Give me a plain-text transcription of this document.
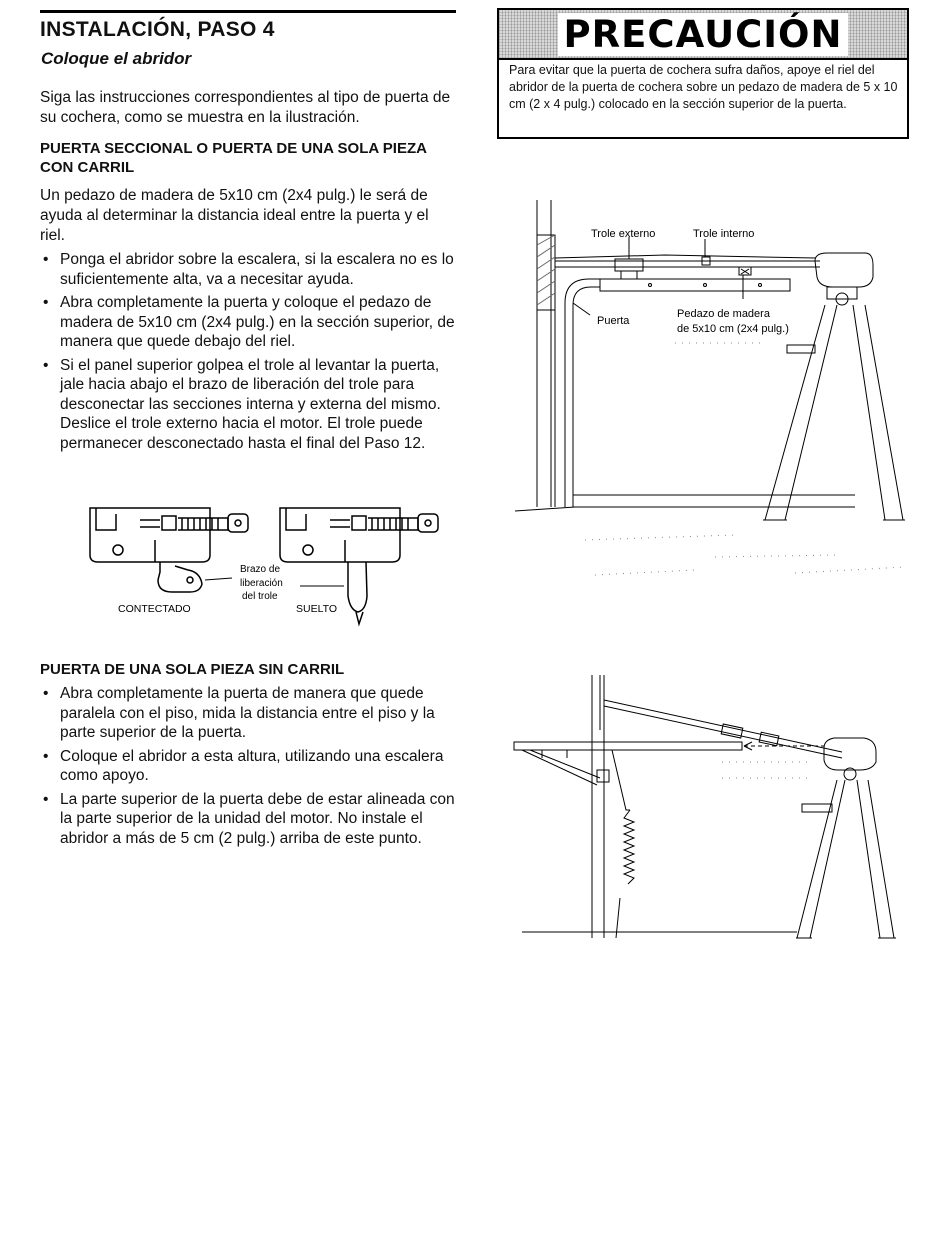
INSTALACIÓN, PASO 4
Coloque el abridor
Siga las instrucciones correspondientes al tipo de puerta de su cochera, como se muestra en la ilustración.
PUERTA SECCIONAL O PUERTA DE UNA SOLA PIEZA CON CARRIL
Un pedazo de madera de 5x10 cm (2x4 pulg.) le será de ayuda al determinar la distancia ideal entre la puerta y el riel.
• Ponga el abridor sobre la escalera, si la escalera no es lo suficientemente alta, va a necesitar ayuda.
• Abra completamente la puerta y coloque el pedazo de madera de 5x10 cm (2x4 pulg.) en la sección superior, de manera que quede debajo del riel.
• Si el panel superior golpea el trole al levantar la puerta, jale hacia abajo el brazo de liberación del trole para desconectar las secciones interna y externa del mismo. Deslice el trole externo hacia el motor. El trole puede permanecer desconectado hasta el final del Paso 12.
Brazo de
liberación
del trole
CONTECTADO	SUELTO
PUERTA DE UNA SOLA PIEZA SIN CARRIL
• Abra completamente la puerta de manera que quede paralela con el piso, mida la distancia entre el piso y la parte superior de la puerta.
• Coloque el abridor a esta altura, utilizando una escalera como apoyo.
• La parte superior de la puerta debe de estar alineada con la parte superior de la unidad del motor. No instale el abridor a más de 5 cm (2 pulg.) arriba de este punto.
PRECAUCIÓN
Para evitar que la puerta de cochera sufra daños, apoye el riel del abridor de la puerta de cochera sobre un pedazo de madera de 5 x 10 cm (2 x 4 pulg.) colocado en la sección superior de la puerta.
Trole externo	Trole interno
Puerta
Pedazo de madera
de 5x10 cm (2x4 pulg.)
